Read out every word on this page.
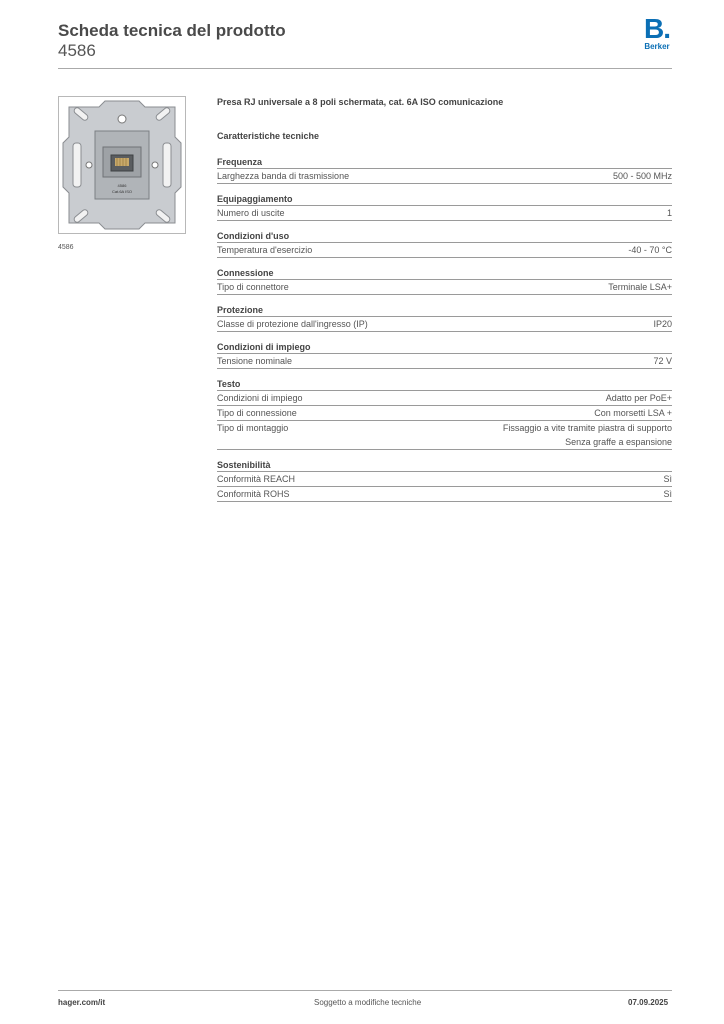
Scheda tecnica del prodotto
4586
B.
Berker
4586
Cat.6A ISO
4586
Presa RJ universale a 8 poli schermata, cat. 6A ISO comunicazione
Caratteristiche tecniche
Frequenza
Larghezza banda di trasmissione	500 - 500 MHz
Equipaggiamento
Numero di uscite	1
Condizioni d'uso
Temperatura d'esercizio	-40 - 70 °C
Connessione
Tipo di connettore	Terminale LSA+
Protezione
Classe di protezione dall'ingresso (IP)	IP20
Condizioni di impiego
Tensione nominale	72 V
Testo
Condizioni di impiego	Adatto per PoE+
Tipo di connessione	Con morsetti LSA +
Tipo di montaggio	Fissaggio a vite tramite piastra di supporto
Senza graffe a espansione
Sostenibilità
Conformità REACH	Sì
Conformità ROHS	Sì
hager.com/it	Soggetto a modifiche tecniche	07.09.2025
